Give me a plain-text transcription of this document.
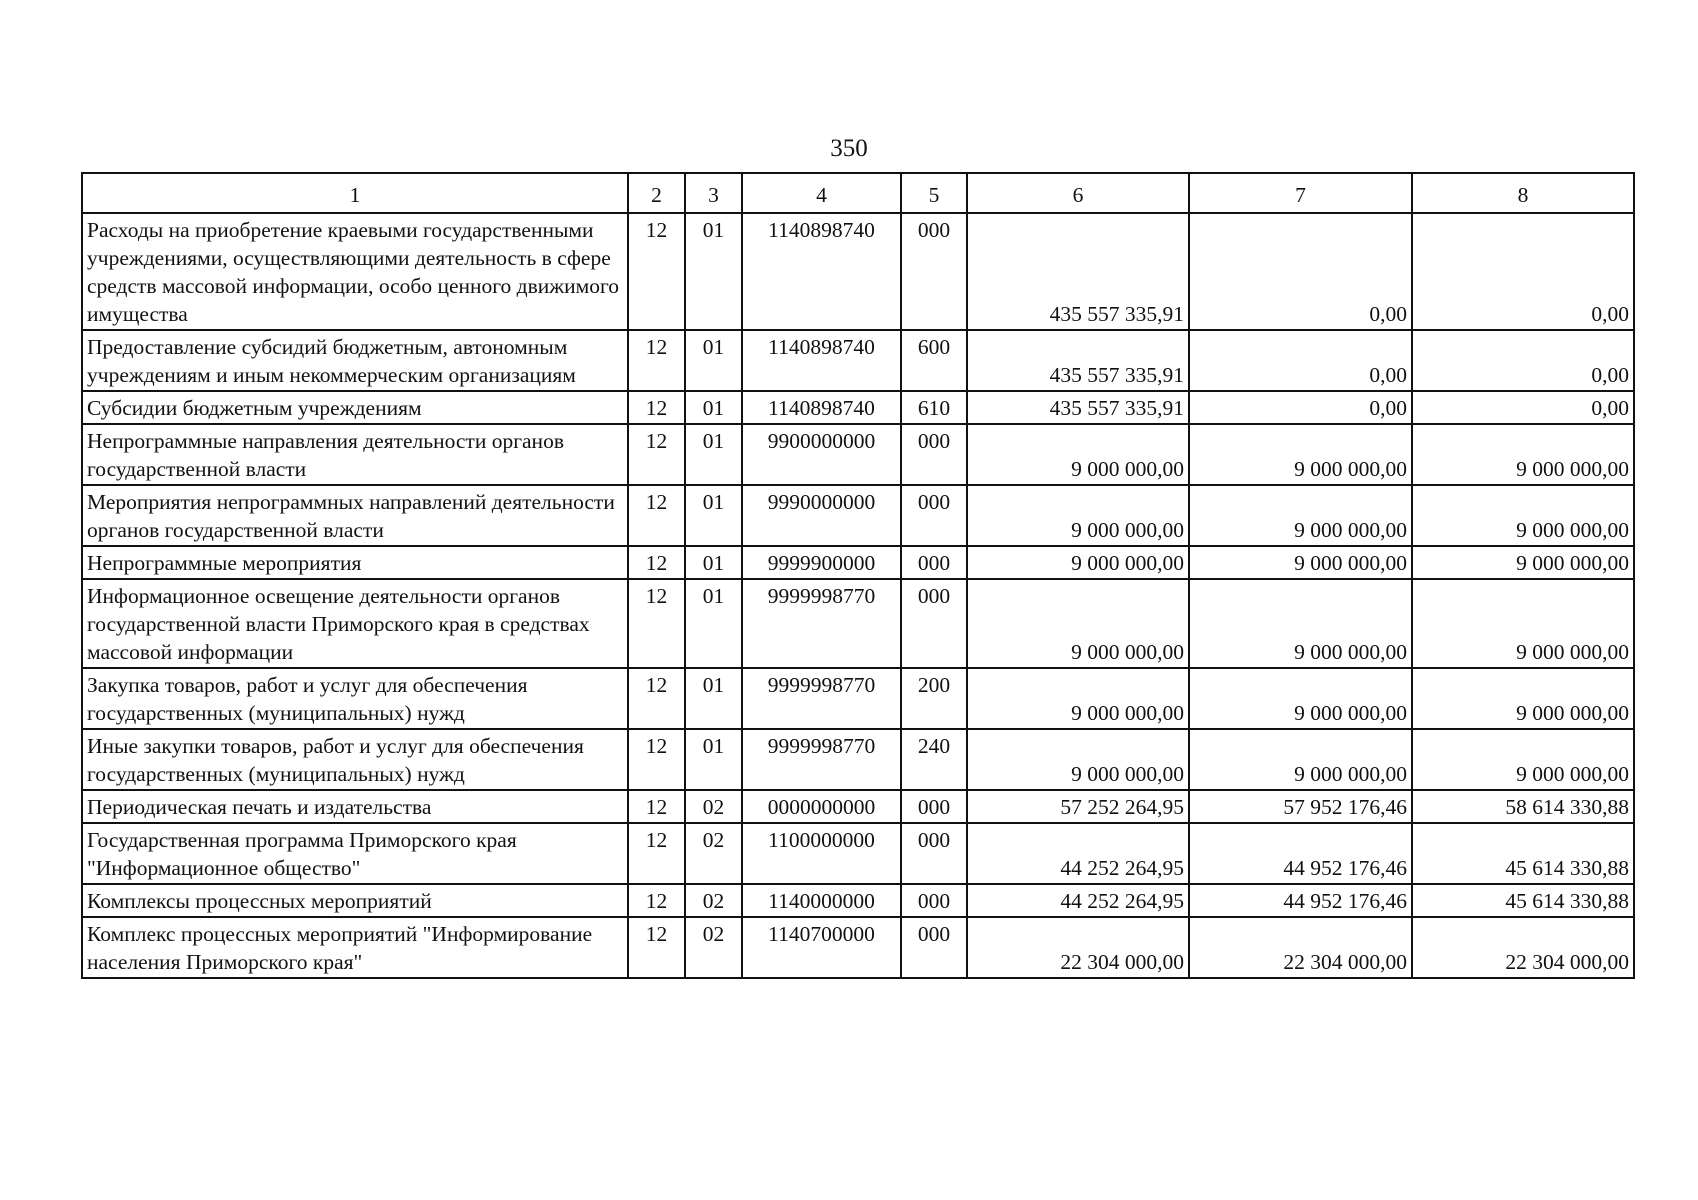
350
1	2	3	4	5	6	7	8
Расходы на приобретение краевыми государственными учреждениями, осуществляющими деятельность в сфере средств массовой информации, особо ценного движимого имущества	12	01	1140898740	000	435 557 335,91	0,00	0,00
Предоставление субсидий бюджетным, автономным учреждениям и иным некоммерческим организациям	12	01	1140898740	600	435 557 335,91	0,00	0,00
Субсидии бюджетным учреждениям	12	01	1140898740	610	435 557 335,91	0,00	0,00
Непрограммные направления деятельности органов государственной власти	12	01	9900000000	000	9 000 000,00	9 000 000,00	9 000 000,00
Мероприятия непрограммных направлений деятельности органов государственной власти	12	01	9990000000	000	9 000 000,00	9 000 000,00	9 000 000,00
Непрограммные мероприятия	12	01	9999900000	000	9 000 000,00	9 000 000,00	9 000 000,00
Информационное освещение деятельности органов государственной власти Приморского края в средствах массовой информации	12	01	9999998770	000	9 000 000,00	9 000 000,00	9 000 000,00
Закупка товаров, работ и услуг для обеспечения государственных (муниципальных) нужд	12	01	9999998770	200	9 000 000,00	9 000 000,00	9 000 000,00
Иные закупки товаров, работ и услуг для обеспечения государственных (муниципальных) нужд	12	01	9999998770	240	9 000 000,00	9 000 000,00	9 000 000,00
Периодическая печать и издательства	12	02	0000000000	000	57 252 264,95	57 952 176,46	58 614 330,88
Государственная программа Приморского края "Информационное общество"	12	02	1100000000	000	44 252 264,95	44 952 176,46	45 614 330,88
Комплексы процессных мероприятий	12	02	1140000000	000	44 252 264,95	44 952 176,46	45 614 330,88
Комплекс процессных мероприятий "Информирование населения Приморского края"	12	02	1140700000	000	22 304 000,00	22 304 000,00	22 304 000,00
